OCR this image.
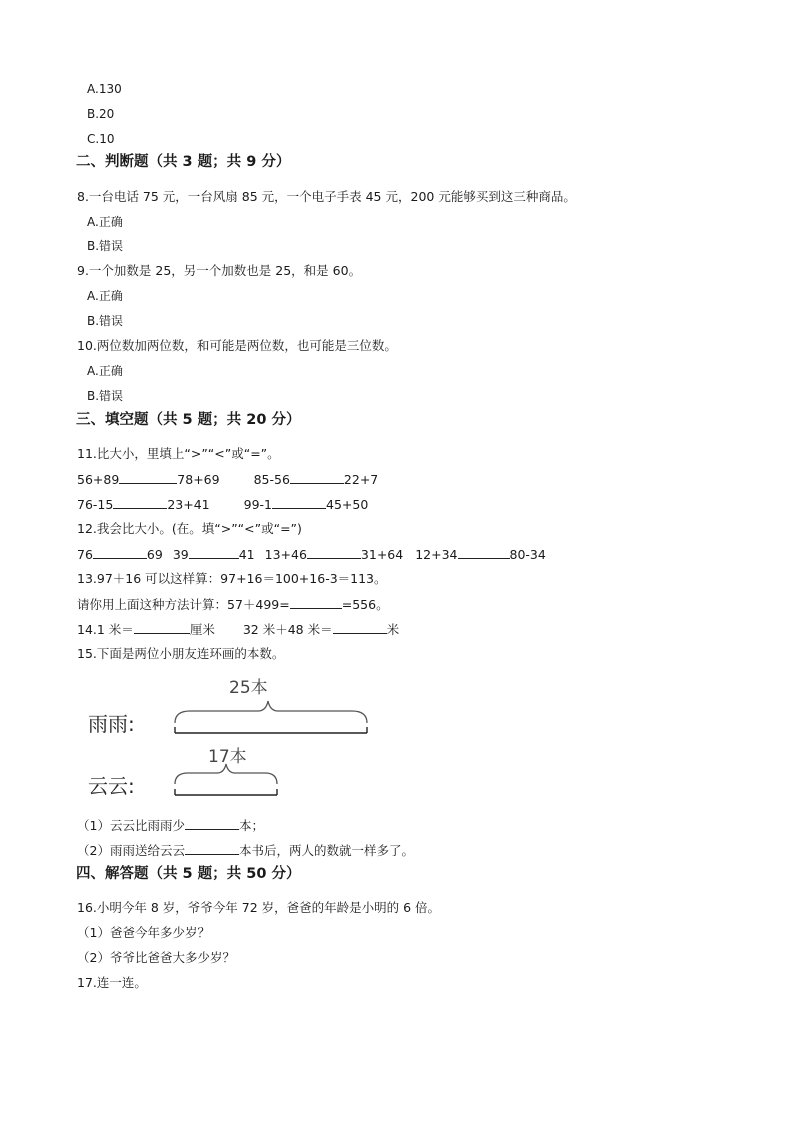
A.130
B.20
C.10
二、判断题（共 3 题；共 9 分）
8.一台电话 75 元，一台风扇 85 元，一个电子手表 45 元，200 元能够买到这三种商品。
A.正确
B.错误
9.一个加数是 25，另一个加数也是 25，和是 60。
A.正确
B.错误
10.两位数加两位数，和可能是两位数，也可能是三位数。
A.正确
B.错误
三、填空题（共 5 题；共 20 分）
11.比大小，里填上“>”“<”或“=”。
56+89	78+69	85-56	22+7
76-15	23+41	99-1	45+50
12.我会比大小。(在。填“>”“<”或“=”)
76	69 39	41 13+46	31+64 12+34	80-34
13.97＋16 可以这样算：97+16＝100+16-3＝113。
请你用上面这种方法计算：57＋499=	=556。
14.1 米＝	厘米 32 米＋48 米＝	米
15.下面是两位小朋友连环画的本数。
25本
雨雨:
17本
云云:
（1）云云比雨雨少	本；
（2）雨雨送给云云	本书后，两人的数就一样多了。
四、解答题（共 5 题；共 50 分）
16.小明今年 8 岁，爷爷今年 72 岁，爸爸的年龄是小明的 6 倍。
（1）爸爸今年多少岁？
（2）爷爷比爸爸大多少岁？
17.连一连。
